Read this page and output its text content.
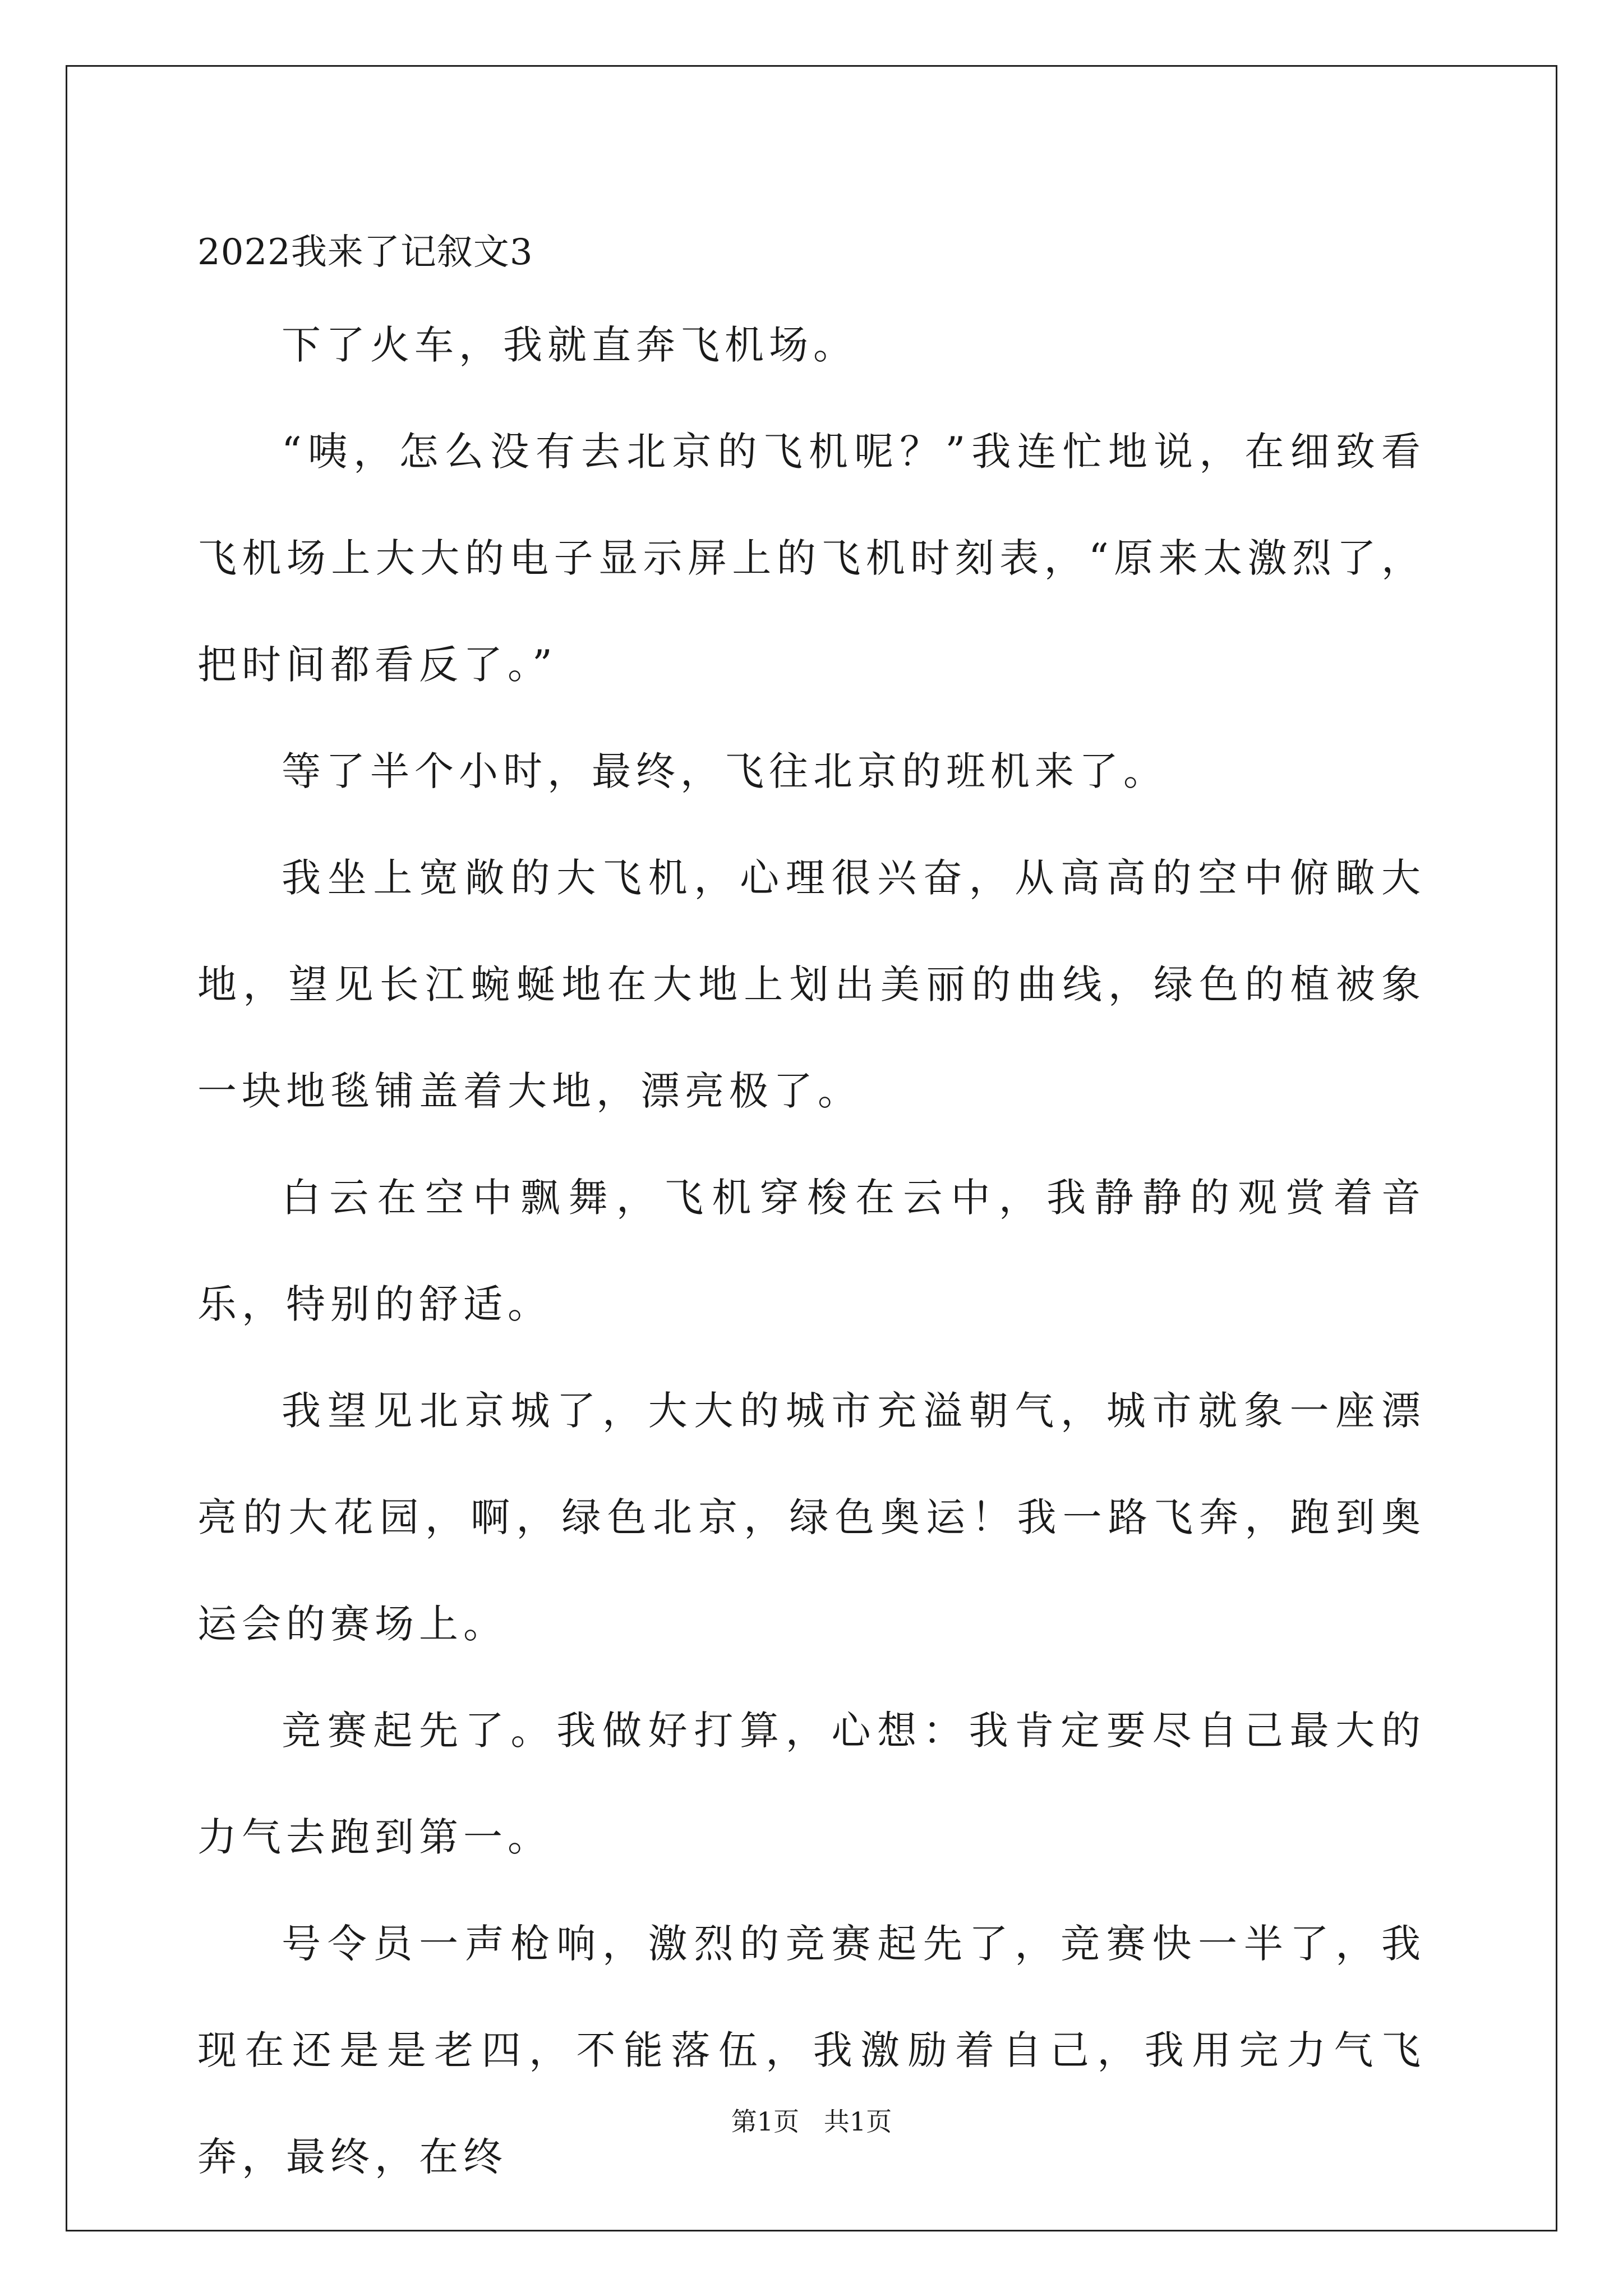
2022我来了记叙文3

下了火车，我就直奔飞机场。

“咦，怎么没有去北京的飞机呢？”我连忙地说，在细致看飞机场上大大的电子显示屏上的飞机时刻表，“原来太激烈了，把时间都看反了。”

等了半个小时，最终，飞往北京的班机来了。

我坐上宽敞的大飞机，心理很兴奋，从高高的空中俯瞰大地，望见长江蜿蜒地在大地上划出美丽的曲线，绿色的植被象一块地毯铺盖着大地，漂亮极了。

白云在空中飘舞，飞机穿梭在云中，我静静的观赏着音乐，特别的舒适。

我望见北京城了，大大的城市充溢朝气，城市就象一座漂亮的大花园，啊，绿色北京，绿色奥运！我一路飞奔，跑到奥运会的赛场上。

竞赛起先了。我做好打算，心想：我肯定要尽自己最大的力气去跑到第一。

号令员一声枪响，激烈的竞赛起先了，竞赛快一半了，我现在还是是老四，不能落伍，我激励着自己，我用完力气飞奔，最终，在终

第1页   共1页
